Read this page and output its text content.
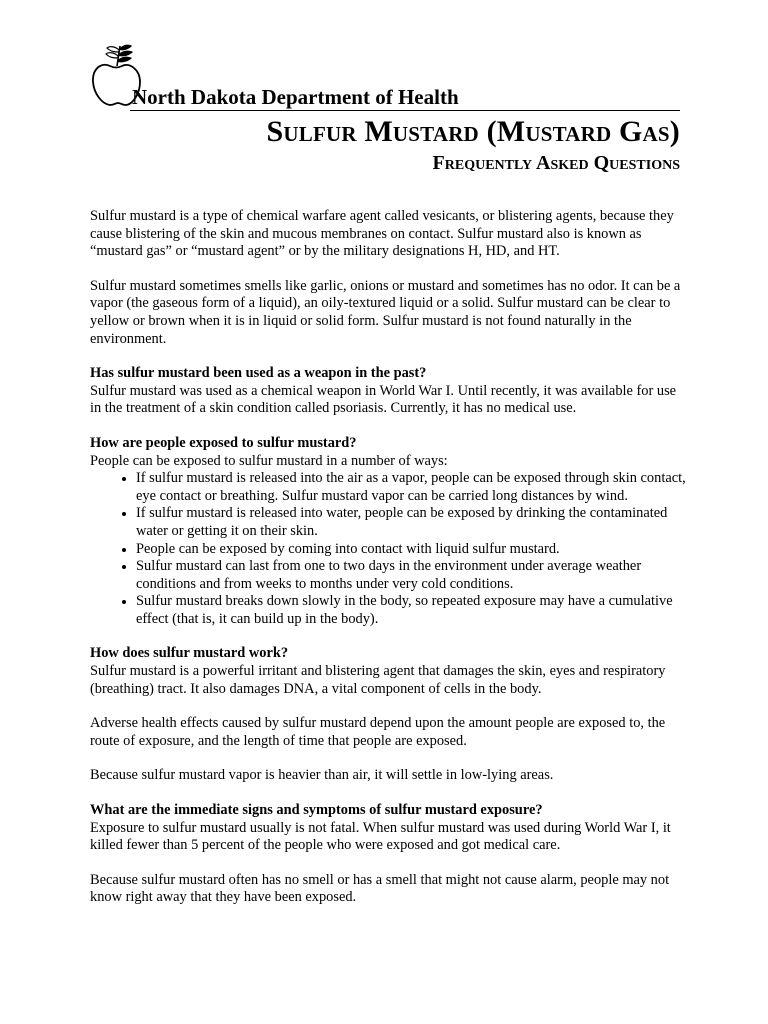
North Dakota Department of Health
Sulfur Mustard (Mustard Gas)
Frequently Asked Questions

Sulfur mustard is a type of chemical warfare agent called vesicants, or blistering agents, because they cause blistering of the skin and mucous membranes on contact. Sulfur mustard also is known as “mustard gas” or “mustard agent” or by the military designations H, HD, and HT.

Sulfur mustard sometimes smells like garlic, onions or mustard and sometimes has no odor. It can be a vapor (the gaseous form of a liquid), an oily-textured liquid or a solid. Sulfur mustard can be clear to yellow or brown when it is in liquid or solid form. Sulfur mustard is not found naturally in the environment.

Has sulfur mustard been used as a weapon in the past?
Sulfur mustard was used as a chemical weapon in World War I. Until recently, it was available for use in the treatment of a skin condition called psoriasis. Currently, it has no medical use.

How are people exposed to sulfur mustard?
People can be exposed to sulfur mustard in a number of ways:

• If sulfur mustard is released into the air as a vapor, people can be exposed through skin contact, eye contact or breathing. Sulfur mustard vapor can be carried long distances by wind.
• If sulfur mustard is released into water, people can be exposed by drinking the contaminated water or getting it on their skin.
• People can be exposed by coming into contact with liquid sulfur mustard.
• Sulfur mustard can last from one to two days in the environment under average weather conditions and from weeks to months under very cold conditions.
• Sulfur mustard breaks down slowly in the body, so repeated exposure may have a cumulative effect (that is, it can build up in the body).

How does sulfur mustard work?
Sulfur mustard is a powerful irritant and blistering agent that damages the skin, eyes and respiratory (breathing) tract. It also damages DNA, a vital component of cells in the body.

Adverse health effects caused by sulfur mustard depend upon the amount people are exposed to, the route of exposure, and the length of time that people are exposed.

Because sulfur mustard vapor is heavier than air, it will settle in low-lying areas.

What are the immediate signs and symptoms of sulfur mustard exposure?
Exposure to sulfur mustard usually is not fatal. When sulfur mustard was used during World War I, it killed fewer than 5 percent of the people who were exposed and got medical care.

Because sulfur mustard often has no smell or has a smell that might not cause alarm, people may not know right away that they have been exposed.
